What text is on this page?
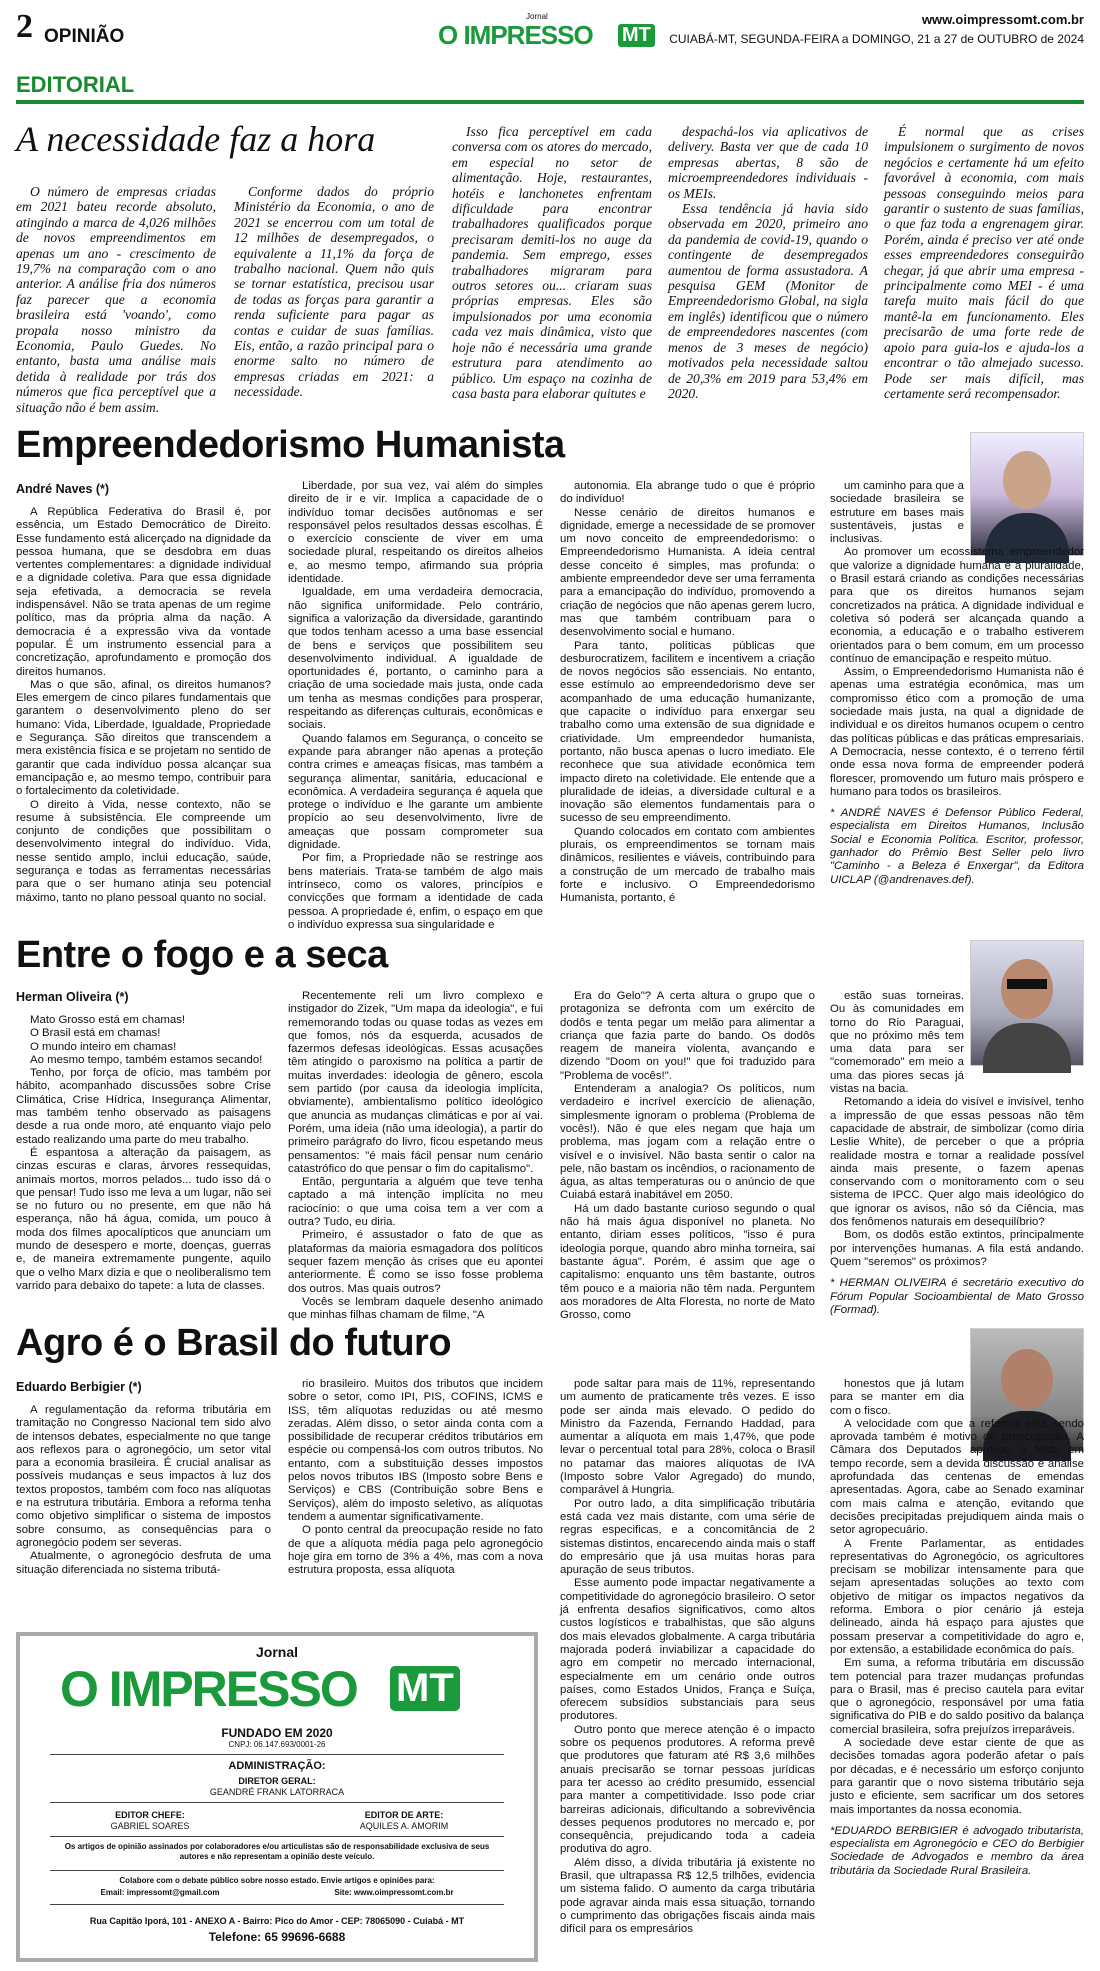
2 OPINIÃO
Jornal
O IMPRESSO MT
www.oimpressomt.com.br
CUIABÁ-MT, SEGUNDA-FEIRA a DOMINGO, 21 a 27 de OUTUBRO de 2024
EDITORIAL
A necessidade faz a hora

O número de empresas criadas em 2021 bateu recorde absoluto, atingindo a marca de 4,026 milhões de novos empreendimentos em apenas um ano - crescimento de 19,7% na comparação com o ano anterior. A análise fria dos números faz parecer que a economia brasileira está 'voando', como propala nosso ministro da Economia, Paulo Guedes. No entanto, basta uma análise mais detida à realidade por trás dos números que fica perceptível que a situação não é bem assim.

Conforme dados do próprio Ministério da Economia, o ano de 2021 se encerrou com um total de 12 milhões de desempregados, o equivalente a 11,1% da força de trabalho nacional. Quem não quis se tornar estatística, precisou usar de todas as forças para garantir a renda suficiente para pagar as contas e cuidar de suas famílias. Eis, então, a razão principal para o enorme salto no número de empresas criadas em 2021: a necessidade.

Isso fica perceptível em cada conversa com os atores do mercado, em especial no setor de alimentação. Hoje, restaurantes, hotéis e lanchonetes enfrentam dificuldade para encontrar trabalhadores qualificados porque precisaram demiti-los no auge da pandemia. Sem emprego, esses trabalhadores migraram para outros setores ou... criaram suas próprias empresas. Eles são impulsionados por uma economia cada vez mais dinâmica, visto que hoje não é necessária uma grande estrutura para atendimento ao público. Um espaço na cozinha de casa basta para elaborar quitutes e

despachá-los via aplicativos de delivery. Basta ver que de cada 10 empresas abertas, 8 são de microempreendedores individuais - os MEIs.

Essa tendência já havia sido observada em 2020, primeiro ano da pandemia de covid-19, quando o contingente de desempregados aumentou de forma assustadora. A pesquisa GEM (Monitor de Empreendedorismo Global, na sigla em inglês) identificou que o número de empreendedores nascentes (com menos de 3 meses de negócio) motivados pela necessidade saltou de 20,3% em 2019 para 53,4% em 2020.

É normal que as crises impulsionem o surgimento de novos negócios e certamente há um efeito favorável à economia, com mais pessoas conseguindo meios para garantir o sustento de suas famílias, o que faz toda a engrenagem girar. Porém, ainda é preciso ver até onde esses empreendedores conseguirão chegar, já que abrir uma empresa - principalmente como MEI - é uma tarefa muito mais fácil do que mantê-la em funcionamento. Eles precisarão de uma forte rede de apoio para guia-los e ajuda-los a encontrar o tão almejado sucesso. Pode ser mais difícil, mas certamente será recompensador.

Empreendedorismo Humanista
André Naves (*)

A República Federativa do Brasil é, por essência, um Estado Democrático de Direito. Esse fundamento está alicerçado na dignidade da pessoa humana, que se desdobra em duas vertentes complementares: a dignidade individual e a dignidade coletiva. Para que essa dignidade seja efetivada, a democracia se revela indispensável. Não se trata apenas de um regime político, mas da própria alma da nação. A democracia é a expressão viva da vontade popular. É um instrumento essencial para a concretização, aprofundamento e promoção dos direitos humanos.

Mas o que são, afinal, os direitos humanos? Eles emergem de cinco pilares fundamentais que garantem o desenvolvimento pleno do ser humano: Vida, Liberdade, Igualdade, Propriedade e Segurança. São direitos que transcendem a mera existência física e se projetam no sentido de garantir que cada indivíduo possa alcançar sua emancipação e, ao mesmo tempo, contribuir para o fortalecimento da coletividade.

O direito à Vida, nesse contexto, não se resume à subsistência. Ele compreende um conjunto de condições que possibilitam o desenvolvimento integral do indivíduo. Vida, nesse sentido amplo, inclui educação, saúde, segurança e todas as ferramentas necessárias para que o ser humano atinja seu potencial máximo, tanto no plano pessoal quanto no social.

Liberdade, por sua vez, vai além do simples direito de ir e vir. Implica a capacidade de o indivíduo tomar decisões autônomas e ser responsável pelos resultados dessas escolhas. É o exercício consciente de viver em uma sociedade plural, respeitando os direitos alheios e, ao mesmo tempo, afirmando sua própria identidade.

Igualdade, em uma verdadeira democracia, não significa uniformidade. Pelo contrário, significa a valorização da diversidade, garantindo que todos tenham acesso a uma base essencial de bens e serviços que possibilitem seu desenvolvimento individual. A igualdade de oportunidades é, portanto, o caminho para a criação de uma sociedade mais justa, onde cada um tenha as mesmas condições para prosperar, respeitando as diferenças culturais, econômicas e sociais.

Quando falamos em Segurança, o conceito se expande para abranger não apenas a proteção contra crimes e ameaças físicas, mas também a segurança alimentar, sanitária, educacional e econômica. A verdadeira segurança é aquela que protege o indivíduo e lhe garante um ambiente propício ao seu desenvolvimento, livre de ameaças que possam comprometer sua dignidade.

Por fim, a Propriedade não se restringe aos bens materiais. Trata-se também de algo mais intrínseco, como os valores, princípios e convicções que formam a identidade de cada pessoa. A propriedade é, enfim, o espaço em que o indivíduo expressa sua singularidade e

autonomia. Ela abrange tudo o que é próprio do indivíduo!

Nesse cenário de direitos humanos e dignidade, emerge a necessidade de se promover um novo conceito de empreendedorismo: o Empreendedorismo Humanista. A ideia central desse conceito é simples, mas profunda: o ambiente empreendedor deve ser uma ferramenta para a emancipação do indivíduo, promovendo a criação de negócios que não apenas gerem lucro, mas que também contribuam para o desenvolvimento social e humano.

Para tanto, políticas públicas que desburocratizem, facilitem e incentivem a criação de novos negócios são essenciais. No entanto, esse estímulo ao empreendedorismo deve ser acompanhado de uma educação humanizante, que capacite o indivíduo para enxergar seu trabalho como uma extensão de sua dignidade e criatividade. Um empreendedor humanista, portanto, não busca apenas o lucro imediato. Ele reconhece que sua atividade econômica tem impacto direto na coletividade. Ele entende que a pluralidade de ideias, a diversidade cultural e a inovação são elementos fundamentais para o sucesso de seu empreendimento.

Quando colocados em contato com ambientes plurais, os empreendimentos se tornam mais dinâmicos, resilientes e viáveis, contribuindo para a construção de um mercado de trabalho mais forte e inclusivo. O Empreendedorismo Humanista, portanto, é

um caminho para que a sociedade brasileira se estruture em bases mais sustentáveis, justas e inclusivas.

Ao promover um ecossistema empreendedor que valorize a dignidade humana e a pluralidade, o Brasil estará criando as condições necessárias para que os direitos humanos sejam concretizados na prática. A dignidade individual e coletiva só poderá ser alcançada quando a economia, a educação e o trabalho estiverem orientados para o bem comum, em um processo contínuo de emancipação e respeito mútuo.

Assim, o Empreendedorismo Humanista não é apenas uma estratégia econômica, mas um compromisso ético com a promoção de uma sociedade mais justa, na qual a dignidade de individual e os direitos humanos ocupem o centro das políticas públicas e das práticas empresariais. A Democracia, nesse contexto, é o terreno fértil onde essa nova forma de empreender poderá florescer, promovendo um futuro mais próspero e humano para todos os brasileiros.

* ANDRÉ NAVES é Defensor Público Federal, especialista em Direitos Humanos, Inclusão Social e Economia Política. Escritor, professor, ganhador do Prêmio Best Seller pelo livro "Caminho - a Beleza é Enxergar", da Editora UICLAP (@andrenaves.def).

Entre o fogo e a seca
Herman Oliveira (*)

Mato Grosso está em chamas!

O Brasil está em chamas!

O mundo inteiro em chamas!

Ao mesmo tempo, também estamos secando!

Tenho, por força de ofício, mas também por hábito, acompanhado discussões sobre Crise Climática, Crise Hídrica, Insegurança Alimentar, mas também tenho observado as paisagens desde a rua onde moro, até enquanto viajo pelo estado realizando uma parte do meu trabalho.

É espantosa a alteração da paisagem, as cinzas escuras e claras, árvores ressequidas, animais mortos, morros pelados... tudo isso dá o que pensar! Tudo isso me leva a um lugar, não sei se no futuro ou no presente, em que não há esperança, não há água, comida, um pouco à moda dos filmes apocalípticos que anunciam um mundo de desespero e morte, doenças, guerras e, de maneira extremamente pungente, aquilo que o velho Marx dizia e que o neoliberalismo tem varrido para debaixo do tapete: a luta de classes.

Recentemente reli um livro complexo e instigador do Zizek, "Um mapa da ideologia", e fui rememorando todas ou quase todas as vezes em que fomos, nós da esquerda, acusados de fazermos defesas ideológicas. Essas acusações têm atingido o paroxismo na política a partir de muitas inverdades: ideologia de gênero, escola sem partido (por causa da ideologia implícita, obviamente), ambientalismo político ideológico que anuncia as mudanças climáticas e por aí vai. Porém, uma ideia (não uma ideologia), a partir do primeiro parágrafo do livro, ficou espetando meus pensamentos: "é mais fácil pensar num cenário catastrófico do que pensar o fim do capitalismo".

Então, perguntaria a alguém que teve tenha captado a má intenção implícita no meu raciocínio: o que uma coisa tem a ver com a outra? Tudo, eu diria.

Primeiro, é assustador o fato de que as plataformas da maioria esmagadora dos políticos sequer fazem menção às crises que eu apontei anteriormente. É como se isso fosse problema dos outros. Mas quais outros?

Vocês se lembram daquele desenho animado que minhas filhas chamam de filme, "A

Era do Gelo"? A certa altura o grupo que o protagoniza se defronta com um exército de dodôs e tenta pegar um melão para alimentar a criança que fazia parte do bando. Os dodôs reagem de maneira violenta, avançando e dizendo "Doom on you!" que foi traduzido para "Problema de vocês!".

Entenderam a analogia? Os políticos, num verdadeiro e incrível exercício de alienação, simplesmente ignoram o problema (Problema de vocês!). Não é que eles negam que haja um problema, mas jogam com a relação entre o visível e o invisível. Não basta sentir o calor na pele, não bastam os incêndios, o racionamento de água, as altas temperaturas ou o anúncio de que Cuiabá estará inabitável em 2050.

Há um dado bastante curioso segundo o qual não há mais água disponível no planeta. No entanto, diriam esses políticos, "isso é pura ideologia porque, quando abro minha torneira, sai bastante água". Porém, é assim que age o capitalismo: enquanto uns têm bastante, outros têm pouco e a maioria não têm nada. Perguntem aos moradores de Alta Floresta, no norte de Mato Grosso, como

estão suas torneiras. Ou às comunidades em torno do Rio Paraguai, que no próximo mês tem uma data para ser "comemorado" em meio a uma das piores secas já vistas na bacia.

Retomando a ideia do visível e invisível, tenho a impressão de que essas pessoas não têm capacidade de abstrair, de simbolizar (como diria Leslie White), de perceber o que a própria realidade mostra e tornar a realidade possível ainda mais presente, o fazem apenas conservando com o monitoramento com o seu sistema de IPCC. Quer algo mais ideológico do que ignorar os avisos, não só da Ciência, mas dos fenômenos naturais em desequilíbrio?

Bom, os dodôs estão extintos, principalmente por intervenções humanas. A fila está andando. Quem "seremos" os próximos?

* HERMAN OLIVEIRA é secretário executivo do Fórum Popular Socioambiental de Mato Grosso (Formad).

Agro é o Brasil do futuro
Eduardo Berbigier (*)

A regulamentação da reforma tributária em tramitação no Congresso Nacional tem sido alvo de intensos debates, especialmente no que tange aos reflexos para o agronegócio, um setor vital para a economia brasileira. É crucial analisar as possíveis mudanças e seus impactos à luz dos textos propostos, também com foco nas alíquotas e na estrutura tributária. Embora a reforma tenha como objetivo simplificar o sistema de impostos sobre consumo, as consequências para o agronegócio podem ser severas.

Atualmente, o agronegócio desfruta de uma situação diferenciada no sistema tributá-

rio brasileiro. Muitos dos tributos que incidem sobre o setor, como IPI, PIS, COFINS, ICMS e ISS, têm alíquotas reduzidas ou até mesmo zeradas. Além disso, o setor ainda conta com a possibilidade de recuperar créditos tributários em espécie ou compensá-los com outros tributos. No entanto, com a substituição desses impostos pelos novos tributos IBS (Imposto sobre Bens e Serviços) e CBS (Contribuição sobre Bens e Serviços), além do imposto seletivo, as alíquotas tendem a aumentar significativamente.

O ponto central da preocupação reside no fato de que a alíquota média paga pelo agronegócio hoje gira em torno de 3% a 4%, mas com a nova estrutura proposta, essa alíquota

pode saltar para mais de 11%, representando um aumento de praticamente três vezes. E isso pode ser ainda mais elevado. O pedido do Ministro da Fazenda, Fernando Haddad, para aumentar a alíquota em mais 1,47%, que pode levar o percentual total para 28%, coloca o Brasil no patamar das maiores alíquotas de IVA (Imposto sobre Valor Agregado) do mundo, comparável à Hungria.

Por outro lado, a dita simplificação tributária está cada vez mais distante, com uma série de regras especificas, e a concomitância de 2 sistemas distintos, encarecendo ainda mais o staff do empresário que já usa muitas horas para apuração de seus tributos.

Esse aumento pode impactar negativamente a competitividade do agronegócio brasileiro. O setor já enfrenta desafios significativos, como altos custos logísticos e trabalhistas, que são alguns dos mais elevados globalmente. A carga tributária majorada poderá inviabilizar a capacidade do agro em competir no mercado internacional, especialmente em um cenário onde outros países, como Estados Unidos, França e Suíça, oferecem subsídios substanciais para seus produtores.

Outro ponto que merece atenção é o impacto sobre os pequenos produtores. A reforma prevê que produtores que faturam até R$ 3,6 milhões anuais precisarão se tornar pessoas jurídicas para ter acesso ao crédito presumido, essencial para manter a competitividade. Isso pode criar barreiras adicionais, dificultando a sobrevivência desses pequenos produtores no mercado e, por consequência, prejudicando toda a cadeia produtiva do agro.

Além disso, a dívida tributária já existente no Brasil, que ultrapassa R$ 12,5 trilhões, evidencia um sistema falido. O aumento da carga tributária pode agravar ainda mais essa situação, tornando o cumprimento das obrigações fiscais ainda mais difícil para os empresários

honestos que já lutam para se manter em dia com o fisco.

A velocidade com que a reforma está sendo aprovada também é motivo de preocupação. A Câmara dos Deputados aprovou o texto em tempo recorde, sem a devida discussão e análise aprofundada das centenas de emendas apresentadas. Agora, cabe ao Senado examinar com mais calma e atenção, evitando que decisões precipitadas prejudiquem ainda mais o setor agropecuário.

A Frente Parlamentar, as entidades representativas do Agronegócio, os agricultores precisam se mobilizar intensamente para que sejam apresentadas soluções ao texto com objetivo de mitigar os impactos negativos da reforma. Embora o pior cenário já esteja delineado, ainda há espaço para ajustes que possam preservar a competitividade do agro e, por extensão, a estabilidade econômica do país.

Em suma, a reforma tributária em discussão tem potencial para trazer mudanças profundas para o Brasil, mas é preciso cautela para evitar que o agronegócio, responsável por uma fatia significativa do PIB e do saldo positivo da balança comercial brasileira, sofra prejuízos irreparáveis.

A sociedade deve estar ciente de que as decisões tomadas agora poderão afetar o país por décadas, e é necessário um esforço conjunto para garantir que o novo sistema tributário seja justo e eficiente, sem sacrificar um dos setores mais importantes da nossa economia.

*EDUARDO BERBIGIER é advogado tributarista, especialista em Agronegócio e CEO do Berbigier Sociedade de Advogados e membro da área tributária da Sociedade Rural Brasileira.

Jornal
O IMPRESSO MT
FUNDADO EM 2020
CNPJ: 06.147.693/0001-26
ADMINISTRAÇÃO:
DIRETOR GERAL:
GEANDRÉ FRANK LATORRACA
EDITOR CHEFE:
GABRIEL SOARES
EDITOR DE ARTE:
AQUILES A. AMORIM
Os artigos de opinião assinados por colaboradores e/ou articulistas são de responsabilidade exclusiva de seus autores e não representam a opinião deste veículo.
Colabore com o debate público sobre nosso estado. Envie artigos e opiniões para:
Email: impressomt@gmail.com	Site: www.oimpressomt.com.br
Rua Capitão Iporá, 101 - ANEXO A - Bairro: Pico do Amor - CEP: 78065090 - Cuiabá - MT
Telefone: 65 99696-6688
